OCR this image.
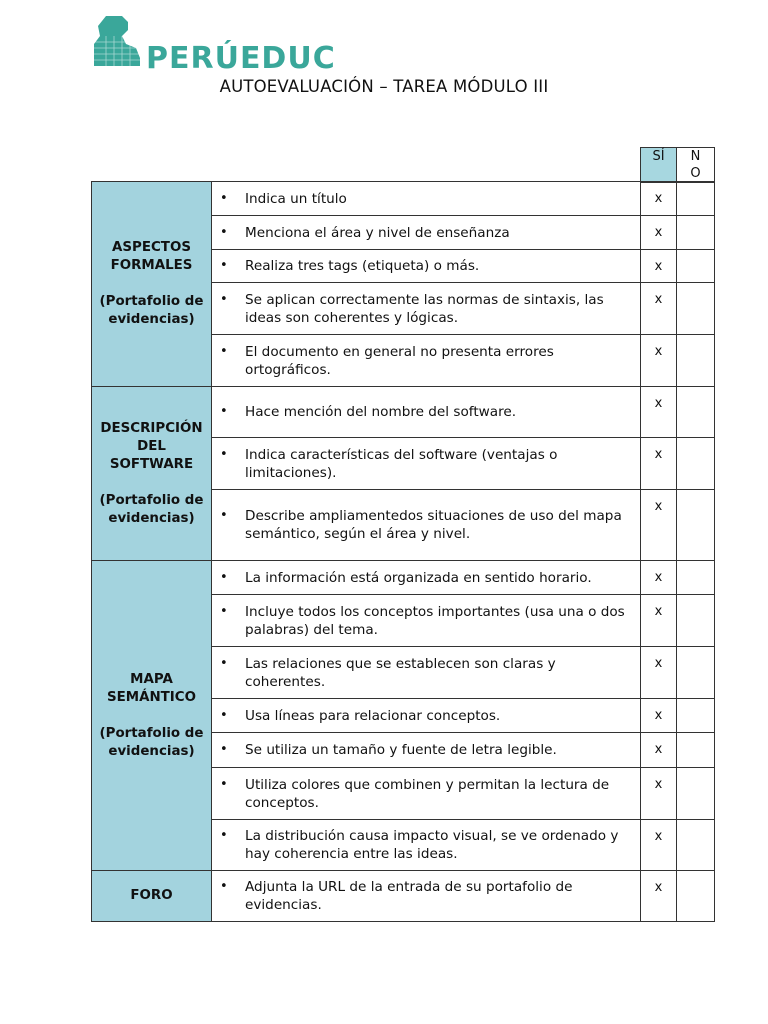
PERÚEDUC
AUTOEVALUACIÓN – TAREA MÓDULO III
SÍ	N O
ASPECTOS FORMALES
(Portafolio de evidencias)	• Indica un título	x	

	• Menciona el área y nivel de enseñanza	x	

	• Realiza tres tags (etiqueta) o más.	x	

	• Se aplican correctamente las normas de sintaxis, las ideas son coherentes y lógicas.	x	

	• El documento en general no presenta errores ortográficos.	x	

DESCRIPCIÓN DEL SOFTWARE
(Portafolio de evidencias)	• Hace mención del nombre del software.	x	

	• Indica características del software (ventajas o limitaciones).	x	

	• Describe ampliamentedos situaciones de uso del mapa semántico, según el área y nivel.	x	

MAPA SEMÁNTICO
(Portafolio de evidencias)	• La información está organizada en sentido horario.	x	

	• Incluye todos los conceptos importantes (usa una o dos palabras) del tema.	x	

	• Las relaciones que se establecen son claras y coherentes.	x	

	• Usa líneas para relacionar conceptos.	x	

	• Se utiliza un tamaño y fuente de letra legible.	x	

	• Utiliza colores que combinen y permitan la lectura de conceptos.	x	

	• La distribución causa impacto visual, se ve ordenado y hay coherencia entre las ideas.	x	

FORO	• Adjunta la URL de la entrada de su portafolio de evidencias.	x	
